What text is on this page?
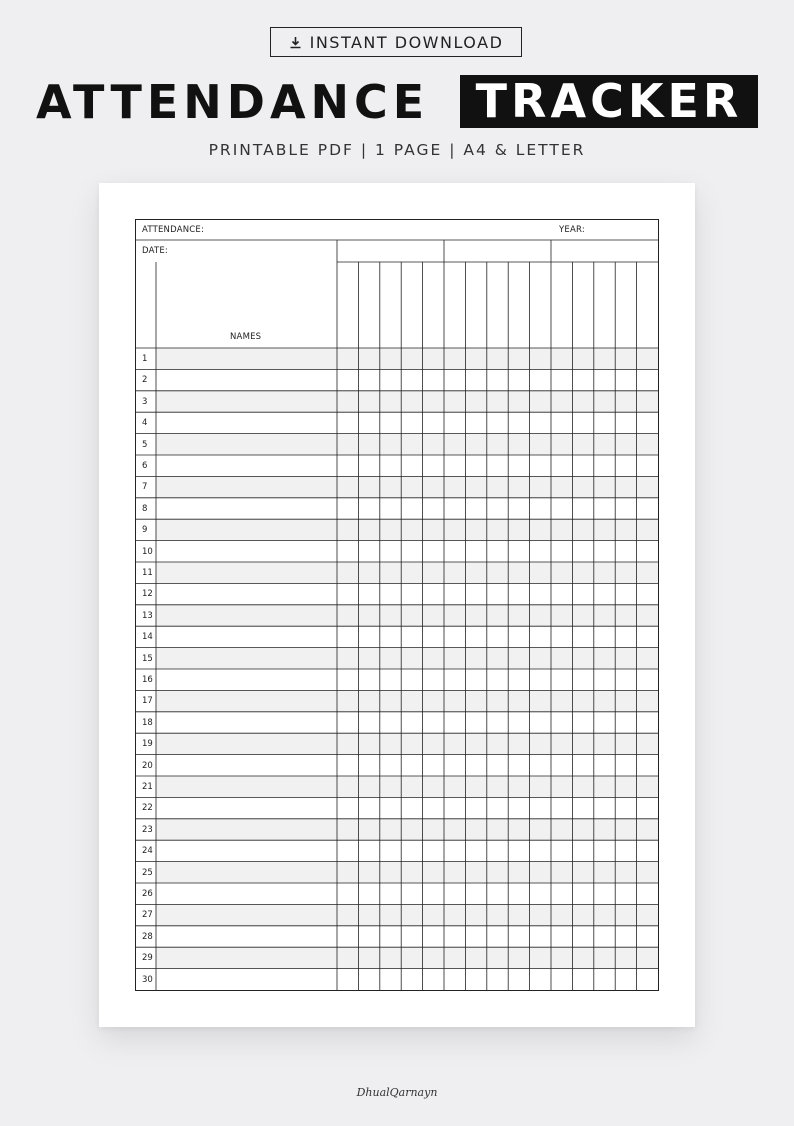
INSTANT DOWNLOAD
ATTENDANCE	TRACKER
PRINTABLE PDF | 1 PAGE | A4 & LETTER
ATTENDANCE:	YEAR:
DATE:
NAMES
1
2
3
4
5
6
7
8
9
10
11
12
13
14
15
16
17
18
19
20
21
22
23
24
25
26
27
28
29
30
DhualQarnayn
